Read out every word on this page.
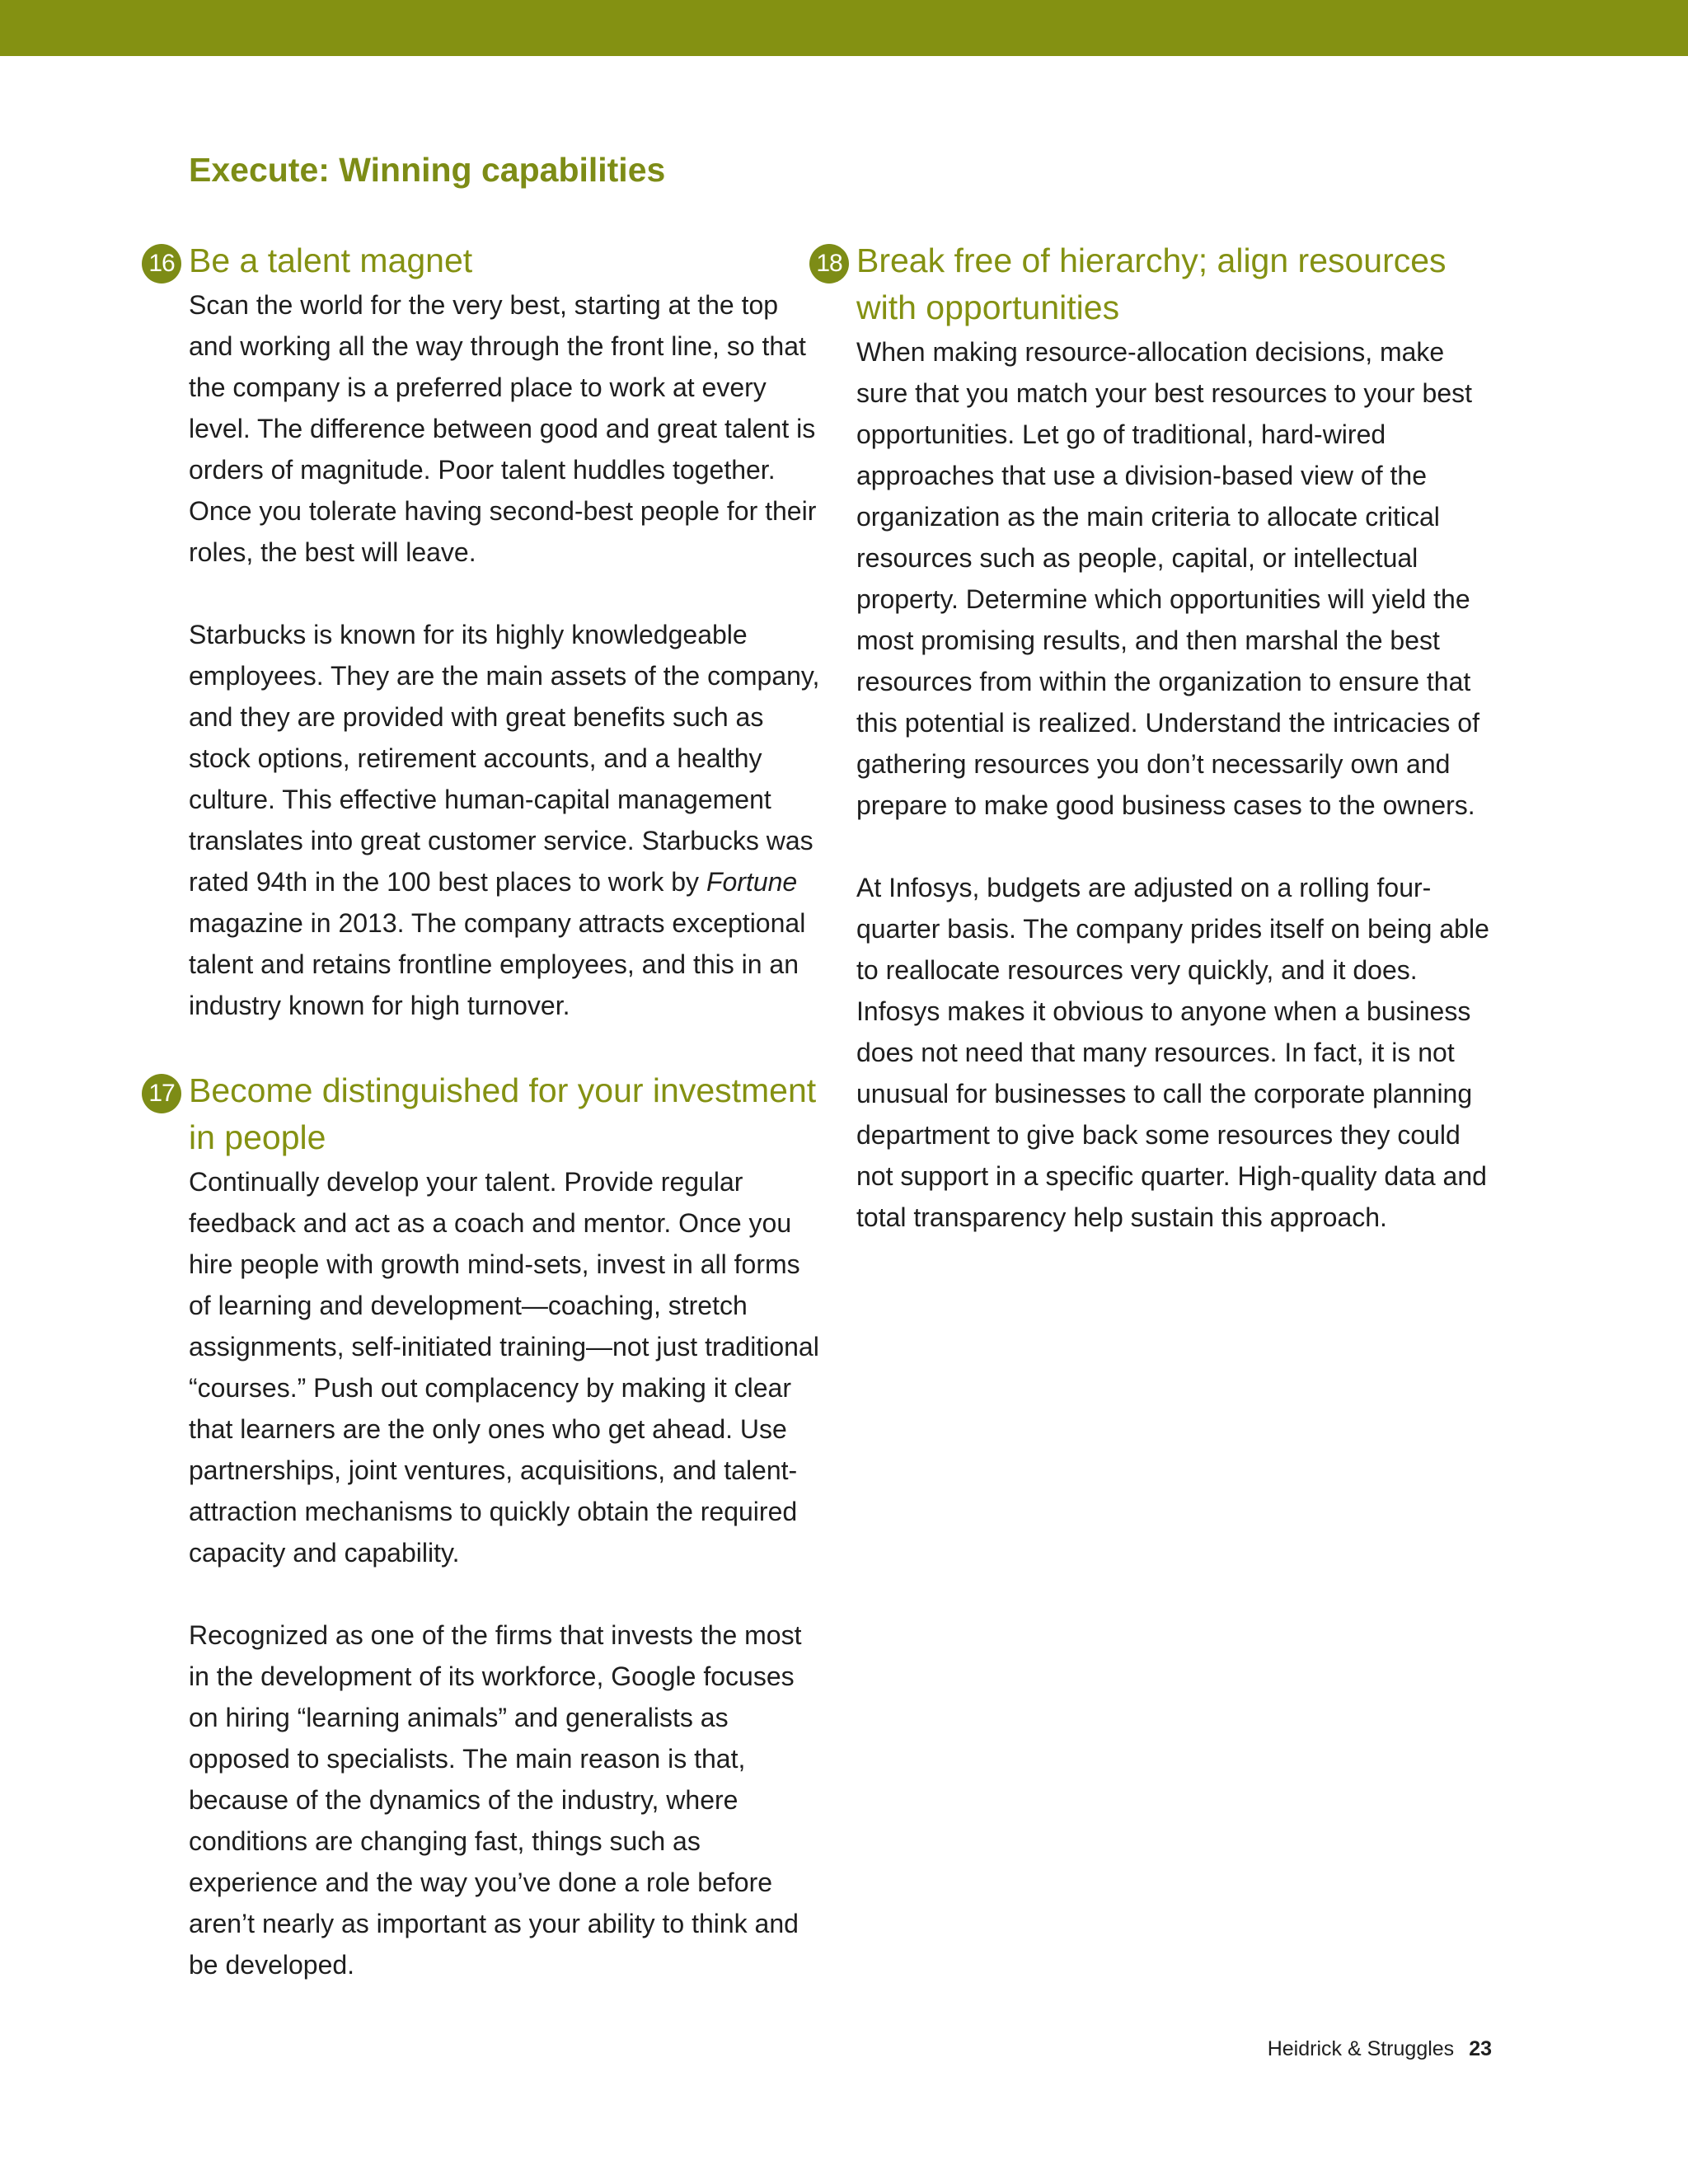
Execute: Winning capabilities
16 Be a talent magnet

Scan the world for the very best, starting at the top and working all the way through the front line, so that the company is a preferred place to work at every level. The difference between good and great talent is orders of magnitude. Poor talent huddles together. Once you tolerate having second-best people for their roles, the best will leave.

Starbucks is known for its highly knowledgeable employees. They are the main assets of the company, and they are provided with great benefits such as stock options, retirement accounts, and a healthy culture. This effective human-capital management translates into great customer service. Starbucks was rated 94th in the 100 best places to work by Fortune magazine in 2013. The company attracts exceptional talent and retains frontline employees, and this in an industry known for high turnover.

17 Become distinguished for your investment in people

Continually develop your talent. Provide regular feedback and act as a coach and mentor. Once you hire people with growth mind-sets, invest in all forms of learning and development—coaching, stretch assignments, self-initiated training—not just traditional “courses.” Push out complacency by making it clear that learners are the only ones who get ahead. Use partnerships, joint ventures, acquisitions, and talent-attraction mechanisms to quickly obtain the required capacity and capability.

Recognized as one of the firms that invests the most in the development of its workforce, Google focuses on hiring “learning animals” and generalists as opposed to specialists. The main reason is that, because of the dynamics of the industry, where conditions are changing fast, things such as experience and the way you’ve done a role before aren’t nearly as important as your ability to think and be developed.

18 Break free of hierarchy; align resources with opportunities

When making resource-allocation decisions, make sure that you match your best resources to your best opportunities. Let go of traditional, hard-wired approaches that use a division-based view of the organization as the main criteria to allocate critical resources such as people, capital, or intellectual property. Determine which opportunities will yield the most promising results, and then marshal the best resources from within the organization to ensure that this potential is realized. Understand the intricacies of gathering resources you don’t necessarily own and prepare to make good business cases to the owners.

At Infosys, budgets are adjusted on a rolling four-quarter basis. The company prides itself on being able to reallocate resources very quickly, and it does. Infosys makes it obvious to anyone when a business does not need that many resources. In fact, it is not unusual for businesses to call the corporate planning department to give back some resources they could not support in a specific quarter. High-quality data and total transparency help sustain this approach.

Heidrick & Struggles 23
